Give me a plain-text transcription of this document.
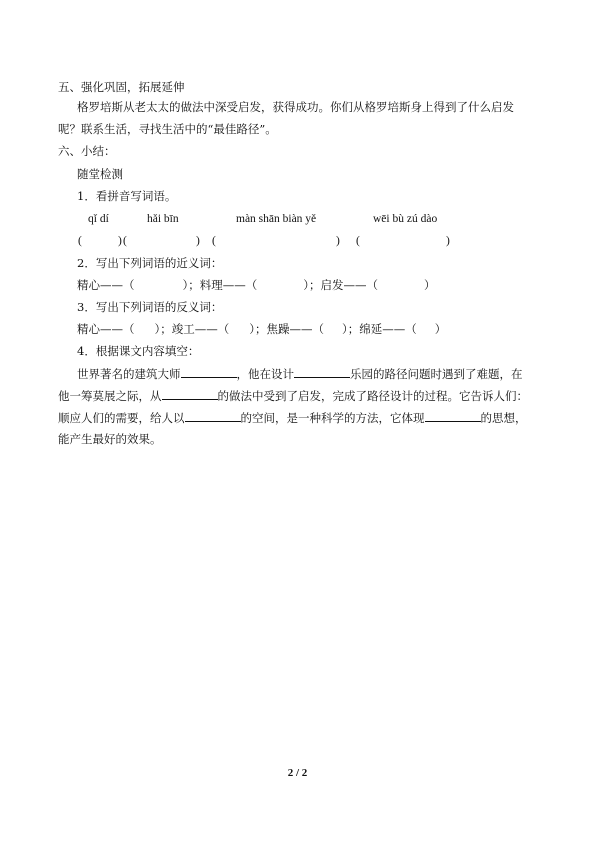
五、强化巩固，拓展延伸
格罗培斯从老太太的做法中深受启发，获得成功。你们从格罗培斯身上得到了什么启发
呢？联系生活，寻找生活中的“最佳路径”。
六、小结：
随堂检测
1．看拼音写词语。
qǐ dí	hǎi bīn	màn shān biàn yě	wēi bù zú dào
(	) (	) (	) (	)
2．写出下列词语的近义词：
精心——（	）；料理——（	）；启发——（	）
3．写出下列词语的反义词：
精心——（ ）；竣工——（ ）；焦躁——（ ）；绵延——（ ）
4．根据课文内容填空：
世界著名的建筑大师	，他在设计	乐园的路径问题时遇到了难题，在
他一筹莫展之际，从	的做法中受到了启发，完成了路径设计的过程。它告诉人们：
顺应人们的需要，给人以	的空间，是一种科学的方法，它体现	的思想，
能产生最好的效果。
2 / 2
